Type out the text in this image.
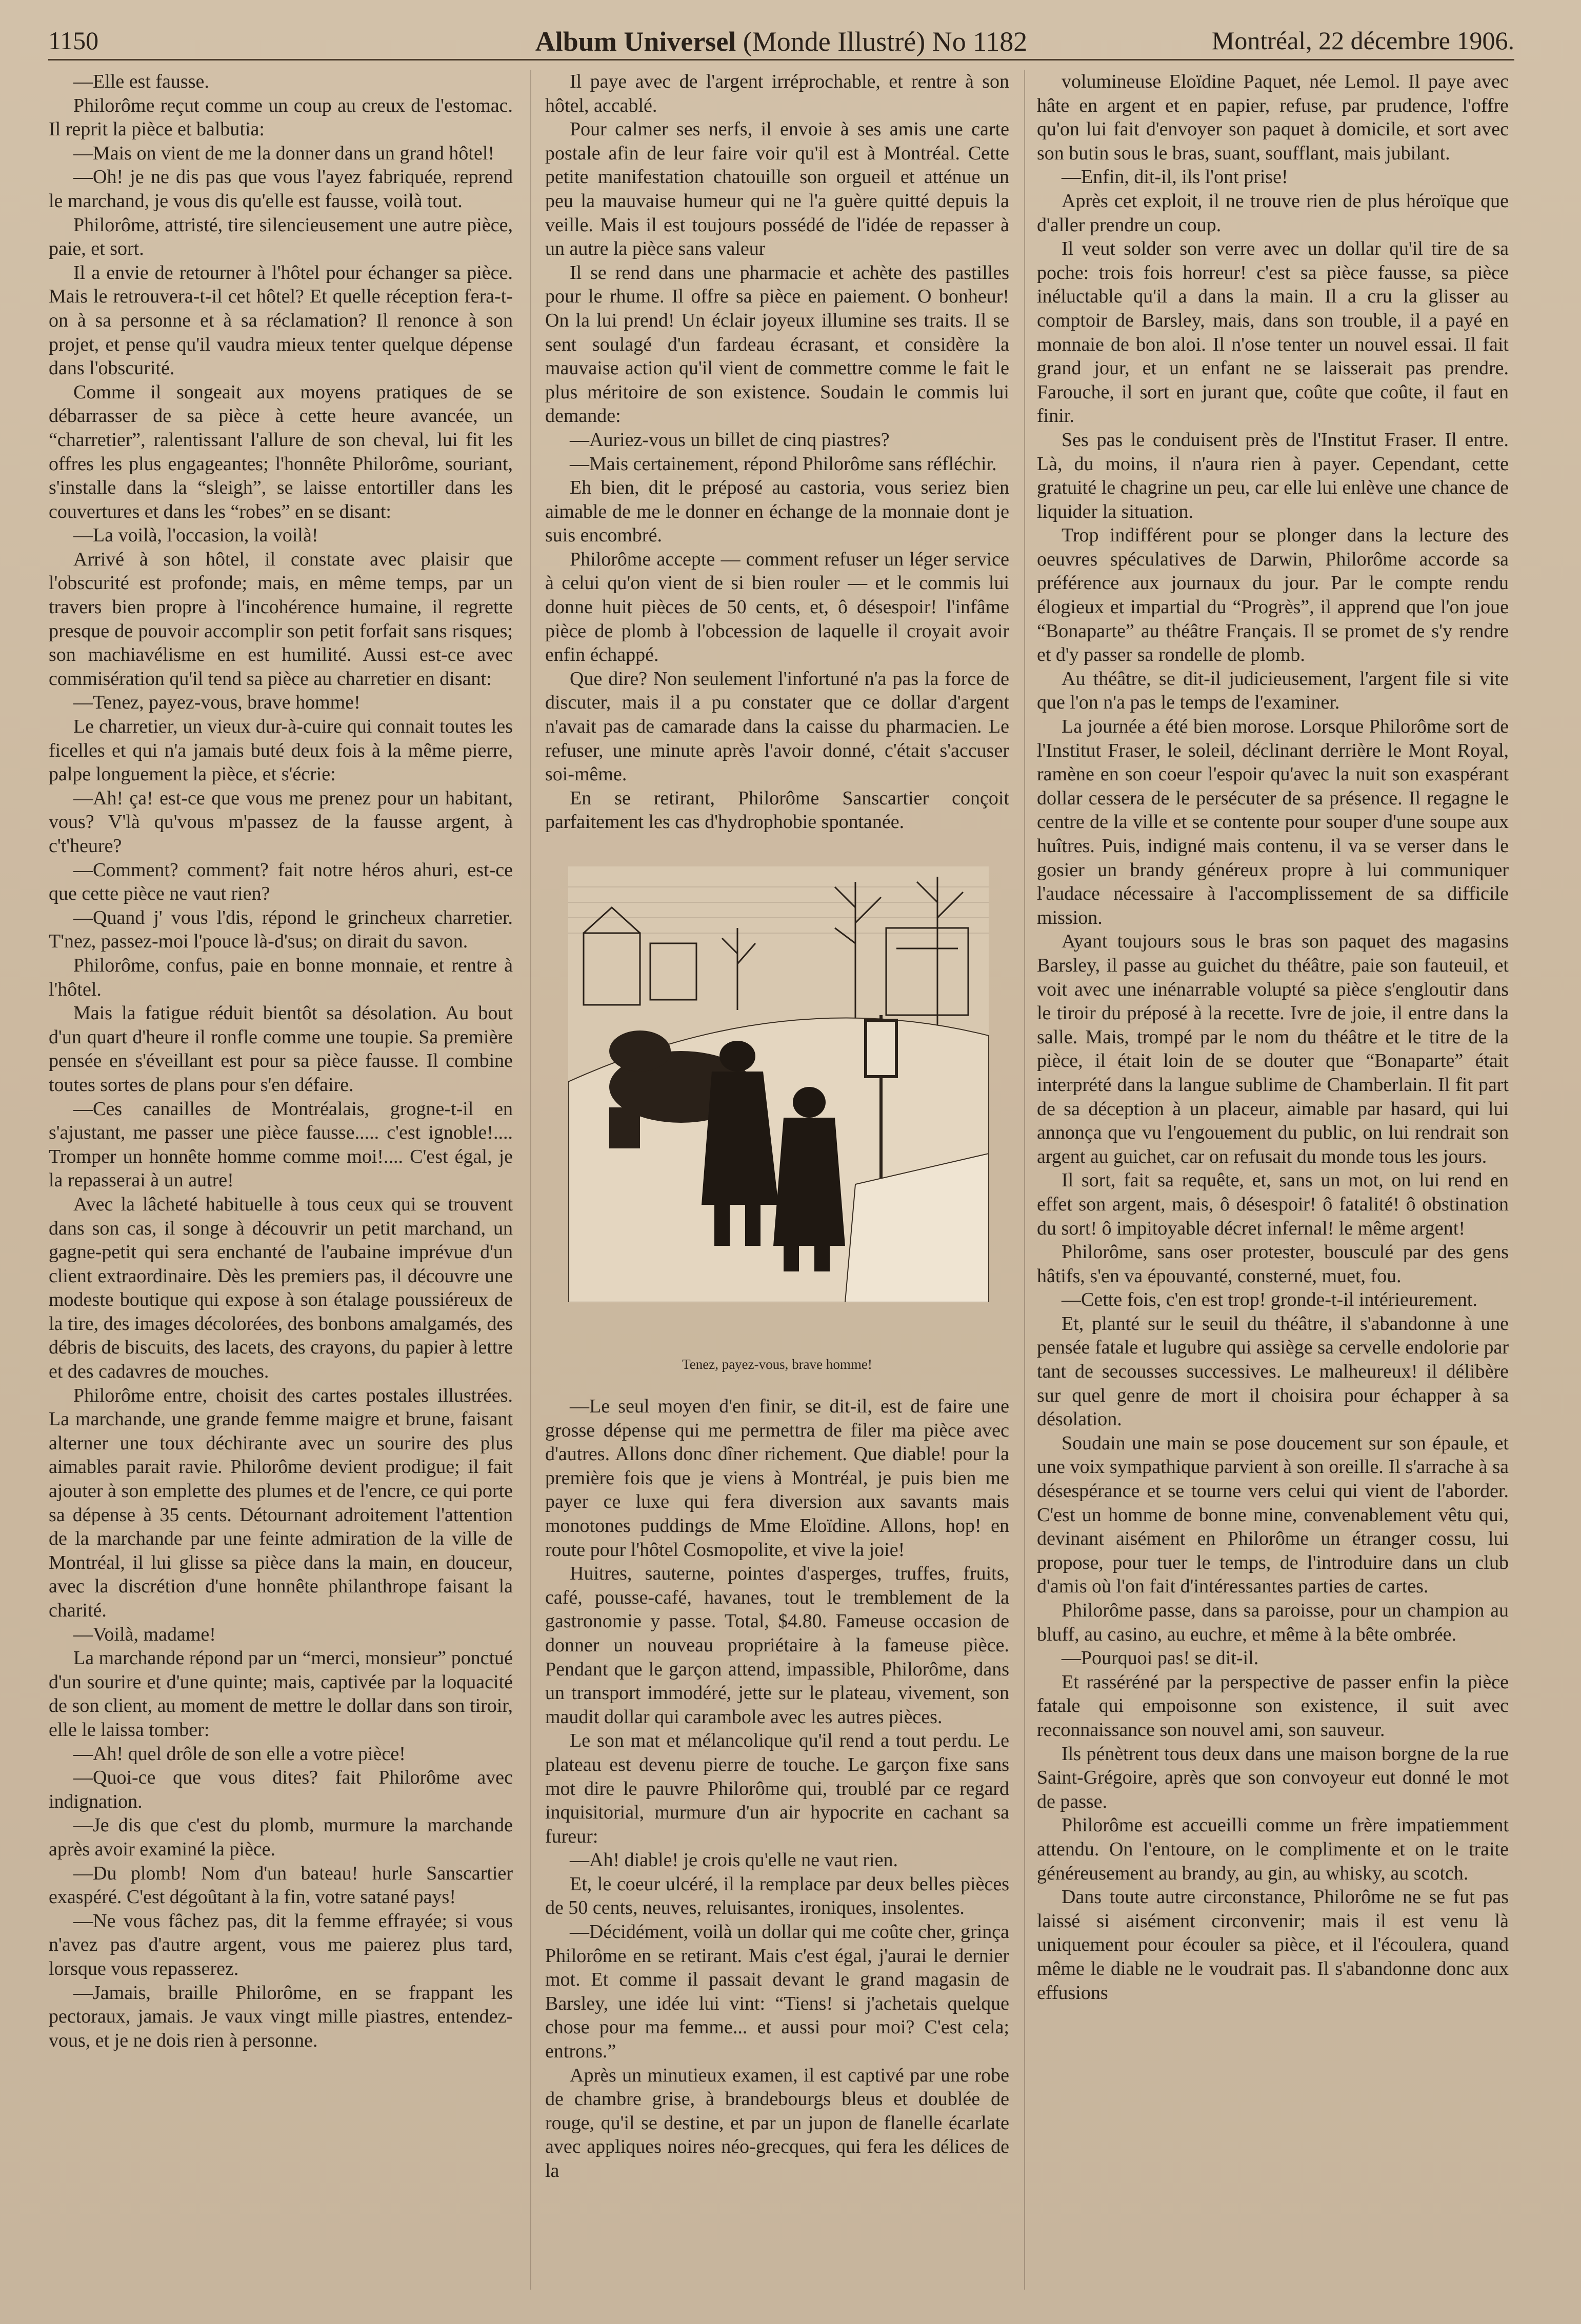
1150	Album Universel (Monde Illustré) No 1182	Montréal, 22 décembre 1906.

—Elle est fausse.

Philorôme reçut comme un coup au creux de l'estomac. Il reprit la pièce et balbutia:

—Mais on vient de me la donner dans un grand hôtel!

—Oh! je ne dis pas que vous l'ayez fabriquée, reprend le marchand, je vous dis qu'elle est fausse, voilà tout.

Philorôme, attristé, tire silencieusement une autre pièce, paie, et sort.

Il a envie de retourner à l'hôtel pour échanger sa pièce. Mais le retrouvera-t-il cet hôtel? Et quelle réception fera-t-on à sa personne et à sa réclamation? Il renonce à son projet, et pense qu'il vaudra mieux tenter quelque dépense dans l'obscurité.

Comme il songeait aux moyens pratiques de se débarrasser de sa pièce à cette heure avancée, un “charretier”, ralentissant l'allure de son cheval, lui fit les offres les plus engageantes; l'honnête Philorôme, souriant, s'installe dans la “sleigh”, se laisse entortiller dans les couvertures et dans les “robes” en se disant:

—La voilà, l'occasion, la voilà!

Arrivé à son hôtel, il constate avec plaisir que l'obscurité est profonde; mais, en même temps, par un travers bien propre à l'incohérence humaine, il regrette presque de pouvoir accomplir son petit forfait sans risques; son machiavélisme en est humilité. Aussi est-ce avec commisération qu'il tend sa pièce au charretier en disant:

—Tenez, payez-vous, brave homme!

Le charretier, un vieux dur-à-cuire qui connait toutes les ficelles et qui n'a jamais buté deux fois à la même pierre, palpe longuement la pièce, et s'écrie:

—Ah! ça! est-ce que vous me prenez pour un habitant, vous? V'là qu'vous m'passez de la fausse argent, à c't'heure?

—Comment? comment? fait notre héros ahuri, est-ce que cette pièce ne vaut rien?

—Quand j' vous l'dis, répond le grincheux charretier. T'nez, passez-moi l'pouce là-d'sus; on dirait du savon.

Philorôme, confus, paie en bonne monnaie, et rentre à l'hôtel.

Mais la fatigue réduit bientôt sa désolation. Au bout d'un quart d'heure il ronfle comme une toupie. Sa première pensée en s'éveillant est pour sa pièce fausse. Il combine toutes sortes de plans pour s'en défaire.

—Ces canailles de Montréalais, grogne-t-il en s'ajustant, me passer une pièce fausse..... c'est ignoble!.... Tromper un honnête homme comme moi!.... C'est égal, je la repasserai à un autre!

Avec la lâcheté habituelle à tous ceux qui se trouvent dans son cas, il songe à découvrir un petit marchand, un gagne-petit qui sera enchanté de l'aubaine imprévue d'un client extraordinaire. Dès les premiers pas, il découvre une modeste boutique qui expose à son étalage poussiéreux de la tire, des images décolorées, des bonbons amalgamés, des débris de biscuits, des lacets, des crayons, du papier à lettre et des cadavres de mouches.

Philorôme entre, choisit des cartes postales illustrées. La marchande, une grande femme maigre et brune, faisant alterner une toux déchirante avec un sourire des plus aimables parait ravie. Philorôme devient prodigue; il fait ajouter à son emplette des plumes et de l'encre, ce qui porte sa dépense à 35 cents. Détournant adroitement l'attention de la marchande par une feinte admiration de la ville de Montréal, il lui glisse sa pièce dans la main, en douceur, avec la discrétion d'une honnête philanthrope faisant la charité.

—Voilà, madame!

La marchande répond par un “merci, monsieur” ponctué d'un sourire et d'une quinte; mais, captivée par la loquacité de son client, au moment de mettre le dollar dans son tiroir, elle le laissa tomber:

—Ah! quel drôle de son elle a votre pièce!

—Quoi-ce que vous dites? fait Philorôme avec indignation.

—Je dis que c'est du plomb, murmure la marchande après avoir examiné la pièce.

—Du plomb! Nom d'un bateau! hurle Sanscartier exaspéré. C'est dégoûtant à la fin, votre satané pays!

—Ne vous fâchez pas, dit la femme effrayée; si vous n'avez pas d'autre argent, vous me paierez plus tard, lorsque vous repasserez.

—Jamais, braille Philorôme, en se frappant les pectoraux, jamais. Je vaux vingt mille piastres, entendez-vous, et je ne dois rien à personne.

Il paye avec de l'argent irréprochable, et rentre à son hôtel, accablé.

Pour calmer ses nerfs, il envoie à ses amis une carte postale afin de leur faire voir qu'il est à Montréal. Cette petite manifestation chatouille son orgueil et atténue un peu la mauvaise humeur qui ne l'a guère quitté depuis la veille. Mais il est toujours possédé de l'idée de repasser à un autre la pièce sans valeur

Il se rend dans une pharmacie et achète des pastilles pour le rhume. Il offre sa pièce en paiement. O bonheur! On la lui prend! Un éclair joyeux illumine ses traits. Il se sent soulagé d'un fardeau écrasant, et considère la mauvaise action qu'il vient de commettre comme le fait le plus méritoire de son existence. Soudain le commis lui demande:

—Auriez-vous un billet de cinq piastres?

—Mais certainement, répond Philorôme sans réfléchir.

Eh bien, dit le préposé au castoria, vous seriez bien aimable de me le donner en échange de la monnaie dont je suis encombré.

Philorôme accepte — comment refuser un léger service à celui qu'on vient de si bien rouler — et le commis lui donne huit pièces de 50 cents, et, ô désespoir! l'infâme pièce de plomb à l'obcession de laquelle il croyait avoir enfin échappé.

Que dire? Non seulement l'infortuné n'a pas la force de discuter, mais il a pu constater que ce dollar d'argent n'avait pas de camarade dans la caisse du pharmacien. Le refuser, une minute après l'avoir donné, c'était s'accuser soi-même.

En se retirant, Philorôme Sanscartier conçoit parfaitement les cas d'hydrophobie spontanée.

Tenez, payez-vous, brave homme!

—Le seul moyen d'en finir, se dit-il, est de faire une grosse dépense qui me permettra de filer ma pièce avec d'autres. Allons donc dîner richement. Que diable! pour la première fois que je viens à Montréal, je puis bien me payer ce luxe qui fera diversion aux savants mais monotones puddings de Mme Eloïdine. Allons, hop! en route pour l'hôtel Cosmopolite, et vive la joie!

Huitres, sauterne, pointes d'asperges, truffes, fruits, café, pousse-café, havanes, tout le tremblement de la gastronomie y passe. Total, $4.80. Fameuse occasion de donner un nouveau propriétaire à la fameuse pièce. Pendant que le garçon attend, impassible, Philorôme, dans un transport immodéré, jette sur le plateau, vivement, son maudit dollar qui carambole avec les autres pièces.

Le son mat et mélancolique qu'il rend a tout perdu. Le plateau est devenu pierre de touche. Le garçon fixe sans mot dire le pauvre Philorôme qui, troublé par ce regard inquisitorial, murmure d'un air hypocrite en cachant sa fureur:

—Ah! diable! je crois qu'elle ne vaut rien.

Et, le coeur ulcéré, il la remplace par deux belles pièces de 50 cents, neuves, reluisantes, ironiques, insolentes.

—Décidément, voilà un dollar qui me coûte cher, grinça Philorôme en se retirant. Mais c'est égal, j'aurai le dernier mot. Et comme il passait devant le grand magasin de Barsley, une idée lui vint: “Tiens! si j'achetais quelque chose pour ma femme... et aussi pour moi? C'est cela; entrons.”

Après un minutieux examen, il est captivé par une robe de chambre grise, à brandebourgs bleus et doublée de rouge, qu'il se destine, et par un jupon de flanelle écarlate avec appliques noires néo-grecques, qui fera les délices de la

volumineuse Eloïdine Paquet, née Lemol. Il paye avec hâte en argent et en papier, refuse, par prudence, l'offre qu'on lui fait d'envoyer son paquet à domicile, et sort avec son butin sous le bras, suant, soufflant, mais jubilant.

—Enfin, dit-il, ils l'ont prise!

Après cet exploit, il ne trouve rien de plus héroïque que d'aller prendre un coup.

Il veut solder son verre avec un dollar qu'il tire de sa poche: trois fois horreur! c'est sa pièce fausse, sa pièce inéluctable qu'il a dans la main. Il a cru la glisser au comptoir de Barsley, mais, dans son trouble, il a payé en monnaie de bon aloi. Il n'ose tenter un nouvel essai. Il fait grand jour, et un enfant ne se laisserait pas prendre. Farouche, il sort en jurant que, coûte que coûte, il faut en finir.

Ses pas le conduisent près de l'Institut Fraser. Il entre. Là, du moins, il n'aura rien à payer. Cependant, cette gratuité le chagrine un peu, car elle lui enlève une chance de liquider la situation.

Trop indifférent pour se plonger dans la lecture des oeuvres spéculatives de Darwin, Philorôme accorde sa préférence aux journaux du jour. Par le compte rendu élogieux et impartial du “Progrès”, il apprend que l'on joue “Bonaparte” au théâtre Français. Il se promet de s'y rendre et d'y passer sa rondelle de plomb.

Au théâtre, se dit-il judicieusement, l'argent file si vite que l'on n'a pas le temps de l'examiner.

La journée a été bien morose. Lorsque Philorôme sort de l'Institut Fraser, le soleil, déclinant derrière le Mont Royal, ramène en son coeur l'espoir qu'avec la nuit son exaspérant dollar cessera de le persécuter de sa présence. Il regagne le centre de la ville et se contente pour souper d'une soupe aux huîtres. Puis, indigné mais contenu, il va se verser dans le gosier un brandy généreux propre à lui communiquer l'audace nécessaire à l'accomplissement de sa difficile mission.

Ayant toujours sous le bras son paquet des magasins Barsley, il passe au guichet du théâtre, paie son fauteuil, et voit avec une inénarrable volupté sa pièce s'engloutir dans le tiroir du préposé à la recette. Ivre de joie, il entre dans la salle. Mais, trompé par le nom du théâtre et le titre de la pièce, il était loin de se douter que “Bonaparte” était interprété dans la langue sublime de Chamberlain. Il fit part de sa déception à un placeur, aimable par hasard, qui lui annonça que vu l'engouement du public, on lui rendrait son argent au guichet, car on refusait du monde tous les jours.

Il sort, fait sa requête, et, sans un mot, on lui rend en effet son argent, mais, ô désespoir! ô fatalité! ô obstination du sort! ô impitoyable décret infernal! le même argent!

Philorôme, sans oser protester, bousculé par des gens hâtifs, s'en va épouvanté, consterné, muet, fou.

—Cette fois, c'en est trop! gronde-t-il intérieurement.

Et, planté sur le seuil du théâtre, il s'abandonne à une pensée fatale et lugubre qui assiège sa cervelle endolorie par tant de secousses successives. Le malheureux! il délibère sur quel genre de mort il choisira pour échapper à sa désolation.

Soudain une main se pose doucement sur son épaule, et une voix sympathique parvient à son oreille. Il s'arrache à sa désespérance et se tourne vers celui qui vient de l'aborder. C'est un homme de bonne mine, convenablement vêtu qui, devinant aisément en Philorôme un étranger cossu, lui propose, pour tuer le temps, de l'introduire dans un club d'amis où l'on fait d'intéressantes parties de cartes.

Philorôme passe, dans sa paroisse, pour un champion au bluff, au casino, au euchre, et même à la bête ombrée.

—Pourquoi pas! se dit-il.

Et rasséréné par la perspective de passer enfin la pièce fatale qui empoisonne son existence, il suit avec reconnaissance son nouvel ami, son sauveur.

Ils pénètrent tous deux dans une maison borgne de la rue Saint-Grégoire, après que son convoyeur eut donné le mot de passe.

Philorôme est accueilli comme un frère impatiemment attendu. On l'entoure, on le complimente et on le traite généreusement au brandy, au gin, au whisky, au scotch.

Dans toute autre circonstance, Philorôme ne se fut pas laissé si aisément circonvenir; mais il est venu là uniquement pour écouler sa pièce, et il l'écoulera, quand même le diable ne le voudrait pas. Il s'abandonne donc aux effusions
